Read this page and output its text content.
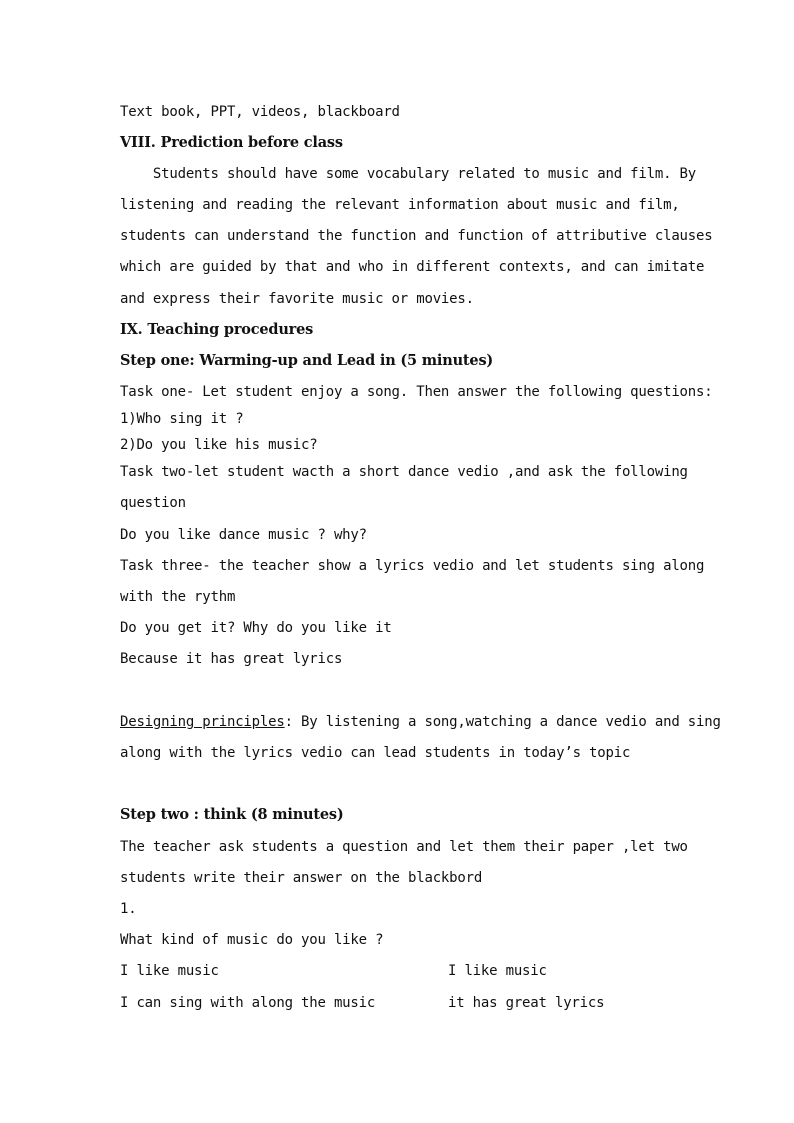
Text book, PPT, videos, blackboard
VIII. Prediction before class
Students should have some vocabulary related to music and film. By
listening and reading the relevant information about music and film,
students can understand the function and function of attributive clauses
which are guided by that and who in different contexts, and can imitate
and express their favorite music or movies.
IX. Teaching procedures
Step one: Warming-up and Lead in (5 minutes)
Task one- Let student enjoy a song. Then answer the following questions:
1)Who sing it ?
2)Do you like his music?
Task two-let student wacth a short dance vedio ,and ask the following
question
Do you like dance music ? why?
Task three- the teacher show a lyrics vedio and let students sing along
with the rythm
Do you get it? Why do you like it
Because it has great lyrics
Designing principles: By listening a song,watching a dance vedio and sing
along with the lyrics vedio can lead students in today’s topic
Step two : think (8 minutes)
The teacher ask students a question and let them their paper ,let two
students write their answer on the blackbord
1.
What kind of music do you like ?
I like music	I like music
I can sing with along the music	it has great lyrics
